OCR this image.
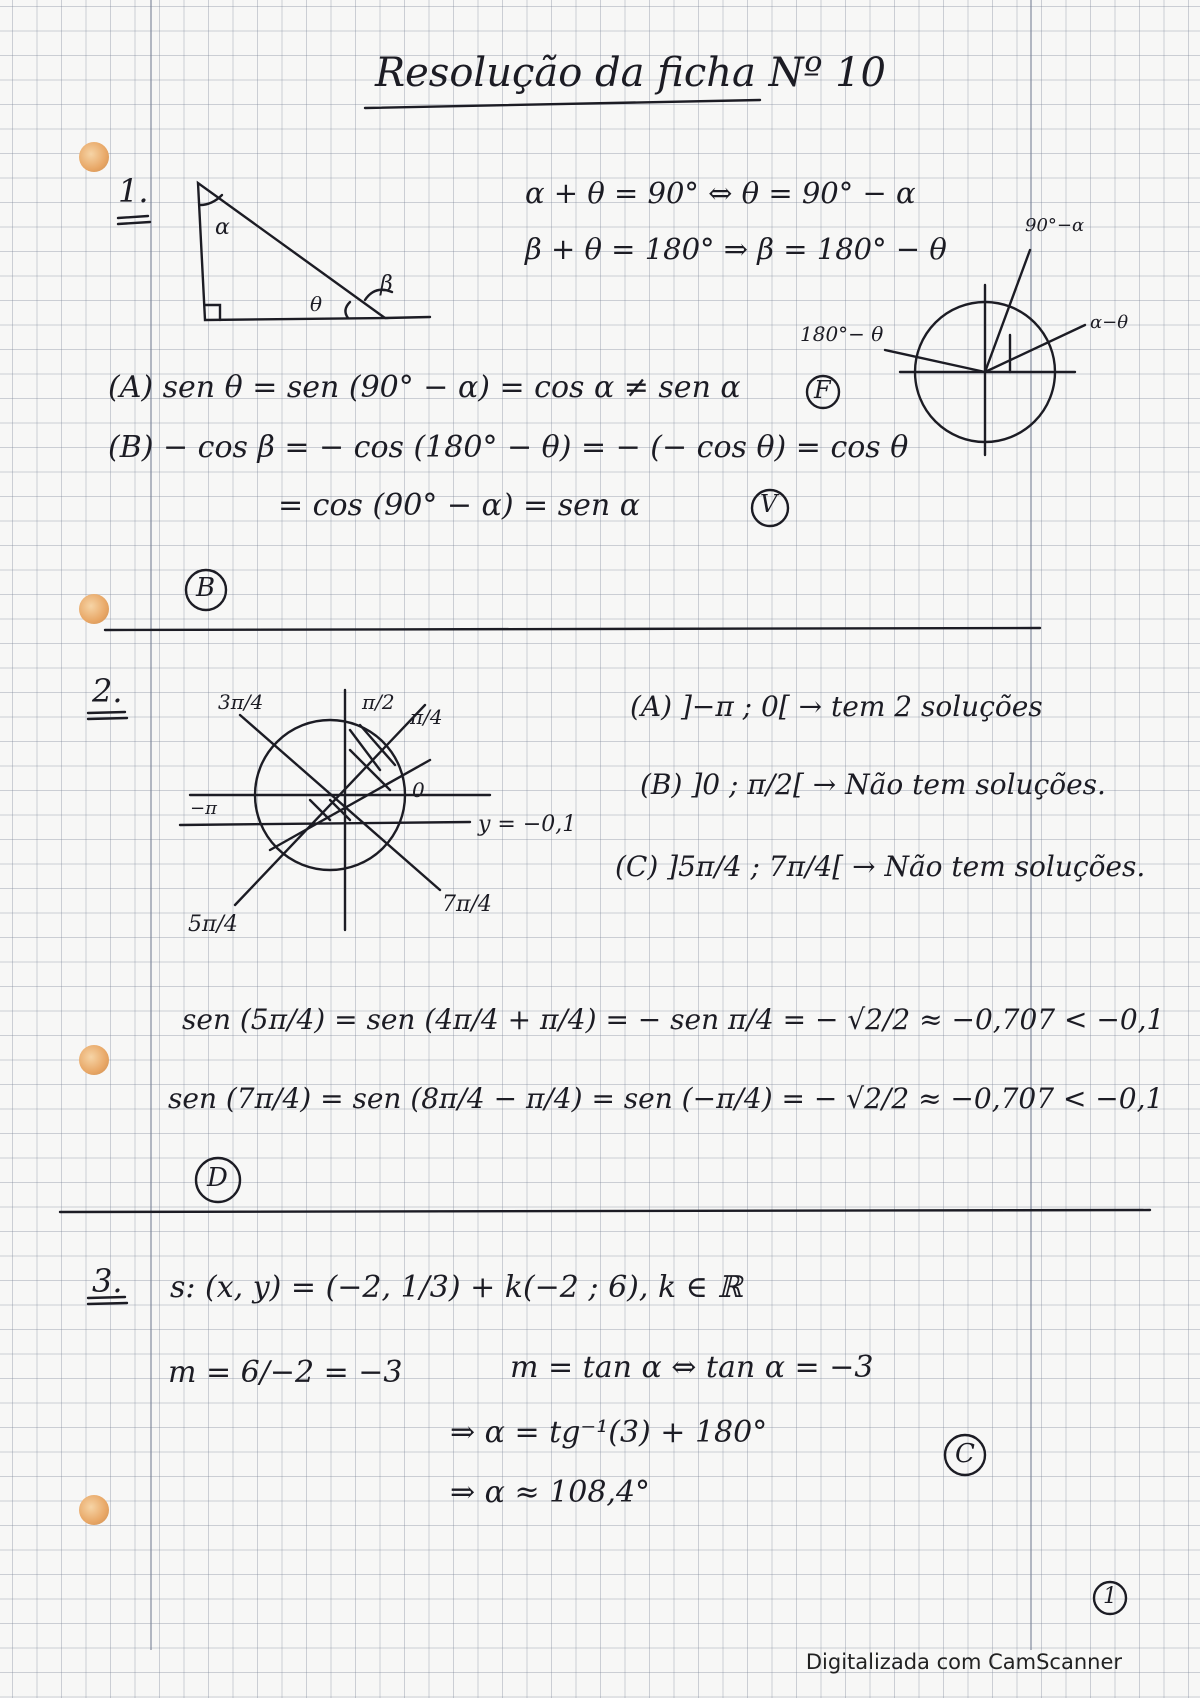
Resolução da ficha Nº 10
1.
α
θ
β
α + θ = 90° ⇔ θ = 90° − α
β + θ = 180° ⇒ β = 180° − θ
90°−α
180°− θ	α−θ
(A) sen θ = sen (90° − α) = cos α ≠ sen α	F
(B) − cos β = − cos (180° − θ) = − (− cos θ) = cos θ
= cos (90° − α) = sen α	V
B
2.	3π/4	π/2
π/4
−π
0
y = −0,1
5π/4
7π/4
(A) ]−π ; 0[ → tem 2 soluções
(B) ]0 ; π/2[ → Não tem soluções.
(C) ]5π/4 ; 7π/4[ → Não tem soluções.
sen (5π/4) = sen (4π/4 + π/4) = − sen π/4 = − √2/2 ≈ −0,707 < −0,1
sen (7π/4) = sen (8π/4 − π/4) = sen (−π/4) = − √2/2 ≈ −0,707 < −0,1
D
3. s: (x, y) = (−2, 1/3) + k(−2 ; 6), k ∈ ℝ
m = 6/−2 = −3	m = tan α ⇔ tan α = −3
⇒ α = tg⁻¹(3) + 180°
⇒ α ≈ 108,4°
C
1
Digitalizada com CamScanner
